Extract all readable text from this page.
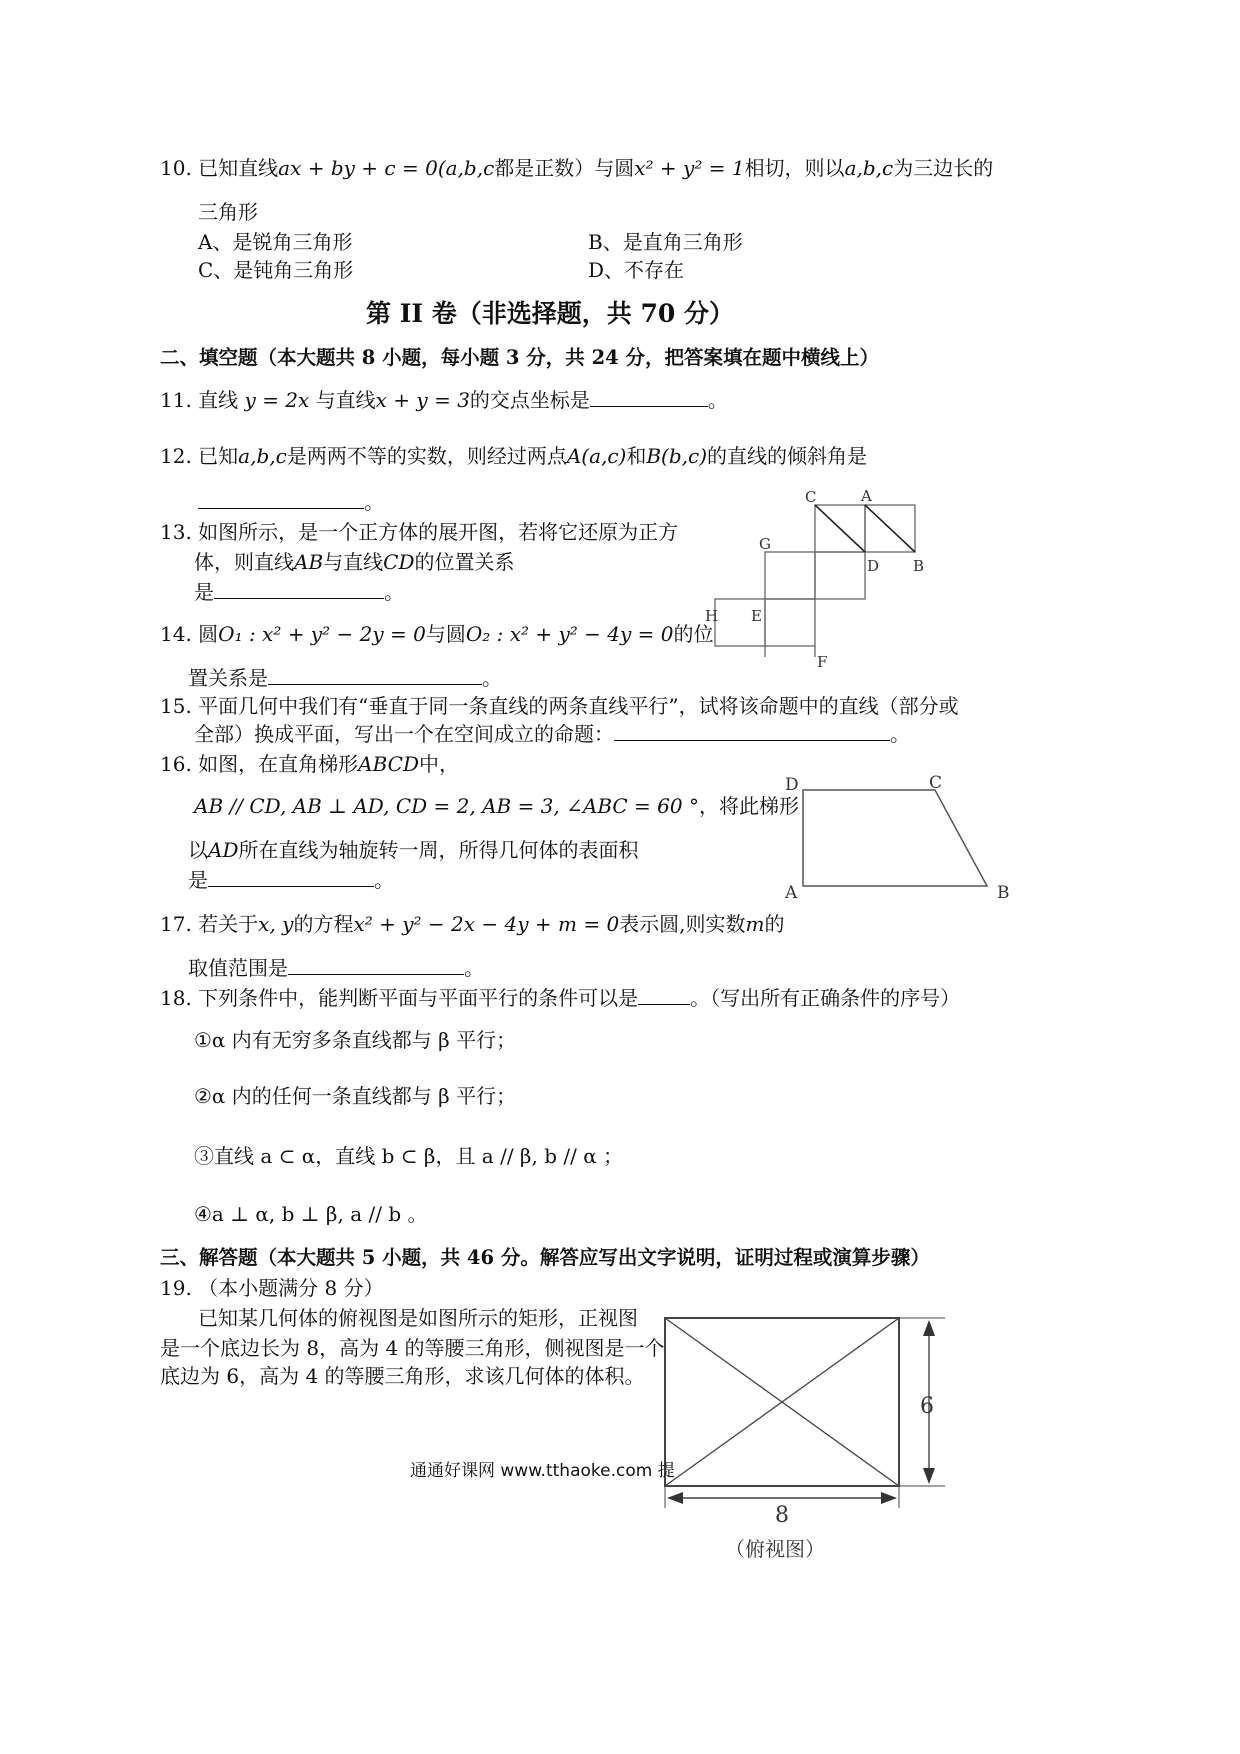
10. 已知直线ax + by + c = 0(a,b,c都是正数）与圆x² + y² = 1相切，则以a,b,c为三边长的
三角形
A、是锐角三角形	B、是直角三角形
C、是钝角三角形	D、不存在
第 II 卷（非选择题，共 70 分）
二、填空题（本大题共 8 小题，每小题 3 分，共 24 分，把答案填在题中横线上）
11. 直线 y = 2x 与直线x + y = 3的交点坐标是	。
12. 已知a,b,c是两两不等的实数，则经过两点A(a,c)和B(b,c)的直线的倾斜角是
。
13. 如图所示，是一个正方体的展开图，若将它还原为正方
体，则直线AB与直线CD的位置关系
是	。
C	A
G
D B
H E
F
14. 圆O₁ : x² + y² − 2y = 0与圆O₂ : x² + y² − 4y = 0的位
置关系是	。
15. 平面几何中我们有“垂直于同一条直线的两条直线平行”，试将该命题中的直线（部分或
全部）换成平面，写出一个在空间成立的命题：	。
16. 如图，在直角梯形ABCD中，
AB // CD, AB ⊥ AD, CD = 2, AB = 3, ∠ABC = 60 °，将此梯形
以AD所在直线为轴旋转一周，所得几何体的表面积
是	。
D	C
A	B
17. 若关于x, y的方程x² + y² − 2x − 4y + m = 0表示圆,则实数m的
取值范围是	。
18. 下列条件中，能判断平面与平面平行的条件可以是	。（写出所有正确条件的序号）
①α 内有无穷多条直线都与 β 平行；
②α 内的任何一条直线都与 β 平行；
③直线 a ⊂ α，直线 b ⊂ β，且 a // β, b // α ；
④a ⊥ α, b ⊥ β, a // b 。
三、解答题（本大题共 5 小题，共 46 分。解答应写出文字说明，证明过程或演算步骤）
19. （本小题满分 8 分）
已知某几何体的俯视图是如图所示的矩形，正视图
是一个底边长为 8，高为 4 的等腰三角形，侧视图是一个
底边为 6，高为 4 的等腰三角形，求该几何体的体积。
6
8
（俯视图）
通通好课网 www.tthaoke.com 提
